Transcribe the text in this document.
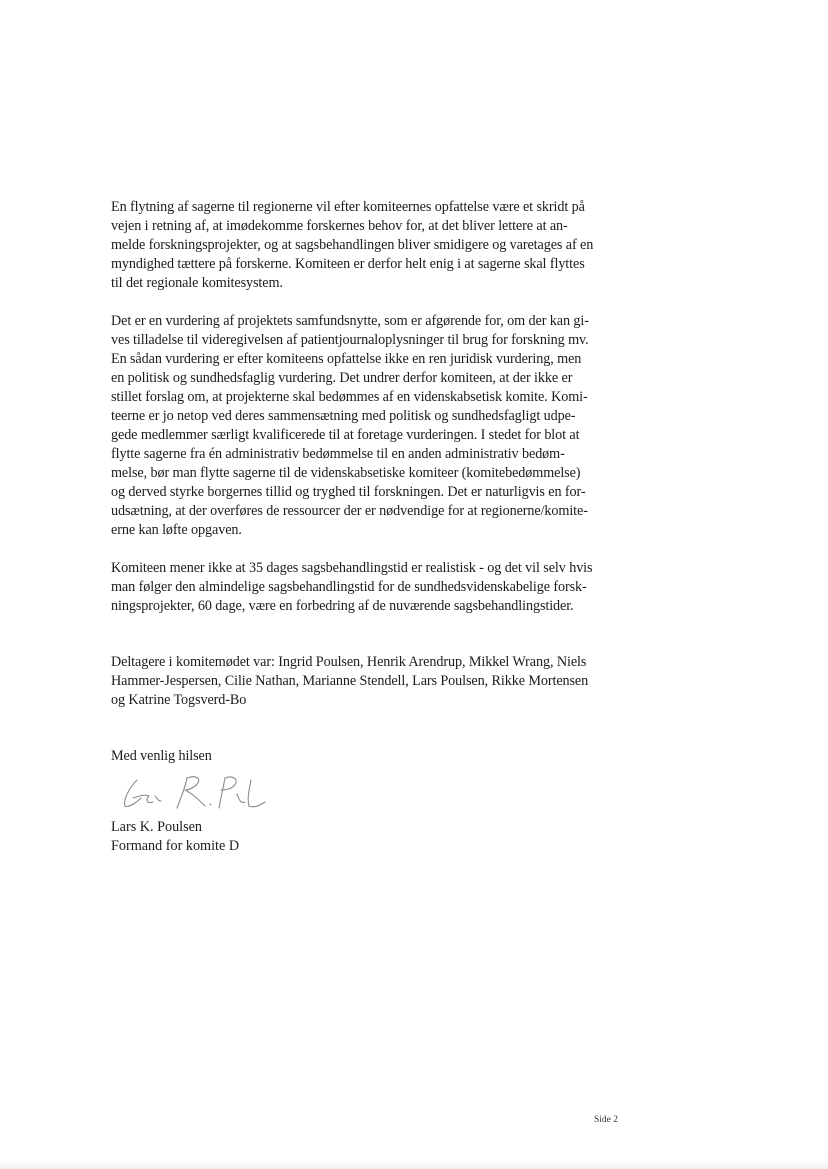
En flytning af sagerne til regionerne vil efter komiteernes opfattelse være et skridt på
vejen i retning af, at imødekomme forskernes behov for, at det bliver lettere at an-
melde forskningsprojekter, og at sagsbehandlingen bliver smidigere og varetages af en
myndighed tættere på forskerne. Komiteen er derfor helt enig i at sagerne skal flyttes
til det regionale komitesystem.

Det er en vurdering af projektets samfundsnytte, som er afgørende for, om der kan gi-
ves tilladelse til videregivelsen af patientjournaloplysninger til brug for forskning mv.
En sådan vurdering er efter komiteens opfattelse ikke en ren juridisk vurdering, men
en politisk og sundhedsfaglig vurdering. Det undrer derfor komiteen, at der ikke er
stillet forslag om, at projekterne skal bedømmes af en videnskabsetisk komite. Komi-
teerne er jo netop ved deres sammensætning med politisk og sundhedsfagligt udpe-
gede medlemmer særligt kvalificerede til at foretage vurderingen. I stedet for blot at
flytte sagerne fra én administrativ bedømmelse til en anden administrativ bedøm-
melse, bør man flytte sagerne til de videnskabsetiske komiteer (komitebedømmelse)
og derved styrke borgernes tillid og tryghed til forskningen. Det er naturligvis en for-
udsætning, at der overføres de ressourcer der er nødvendige for at regionerne/komite-
erne kan løfte opgaven.

Komiteen mener ikke at 35 dages sagsbehandlingstid er realistisk - og det vil selv hvis
man følger den almindelige sagsbehandlingstid for de sundhedsvidenskabelige forsk-
ningsprojekter, 60 dage, være en forbedring af de nuværende sagsbehandlingstider.

Deltagere i komitemødet var: Ingrid Poulsen, Henrik Arendrup, Mikkel Wrang, Niels
Hammer-Jespersen, Cilie Nathan, Marianne Stendell, Lars Poulsen, Rikke Mortensen
og Katrine Togsverd-Bo

Med venlig hilsen

Lars K. Poulsen
Formand for komite D
Side 2
